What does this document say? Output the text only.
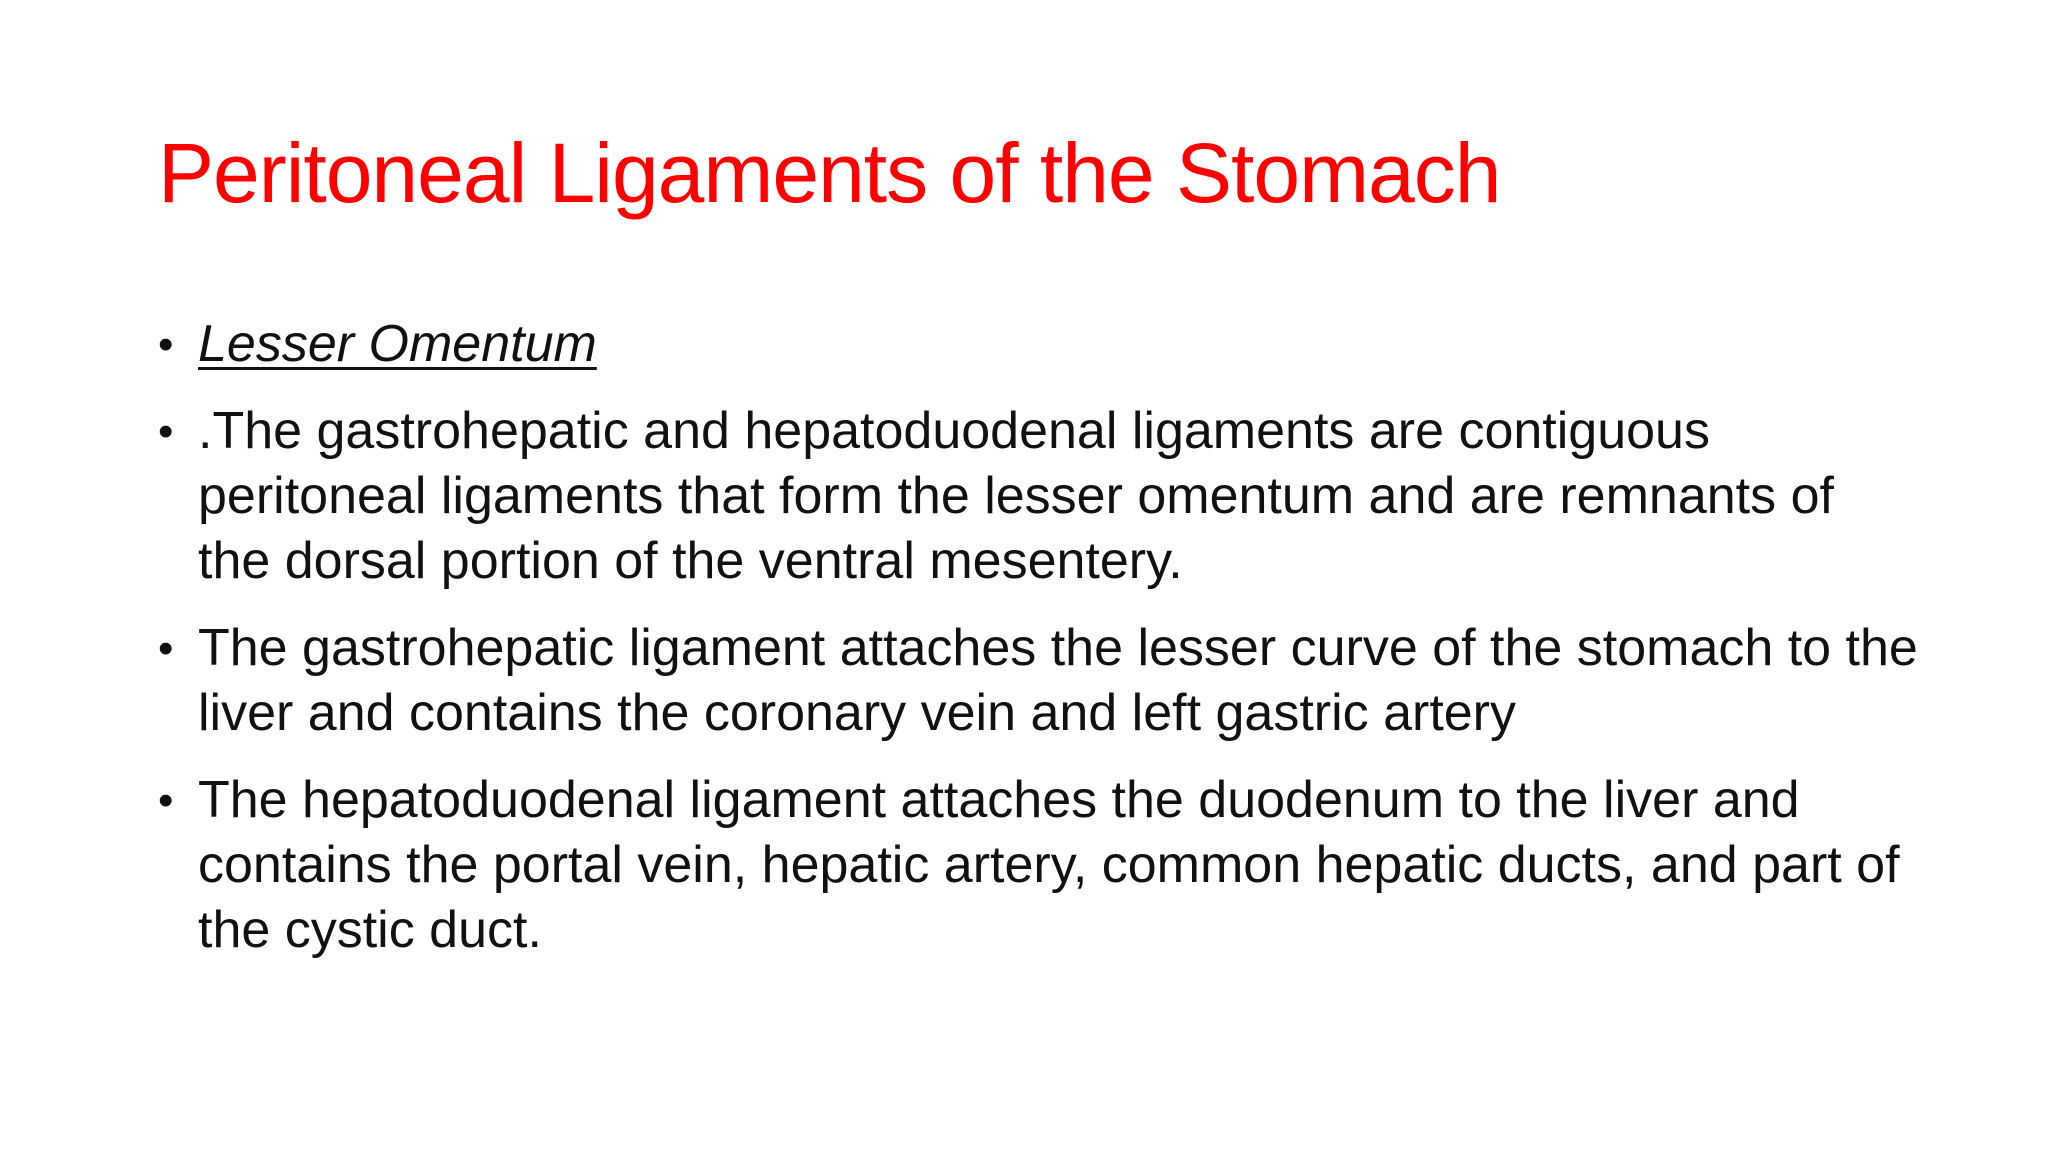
Peritoneal Ligaments of the Stomach
• Lesser Omentum
• .The gastrohepatic and hepatoduodenal ligaments are contiguous peritoneal ligaments that form the lesser omentum and are remnants of the dorsal portion of the ventral mesentery.
• The gastrohepatic ligament attaches the lesser curve of the stomach to the liver and contains the coronary vein and left gastric artery
• The hepatoduodenal ligament attaches the duodenum to the liver and contains the portal vein, hepatic artery, common hepatic ducts, and part of the cystic duct.
